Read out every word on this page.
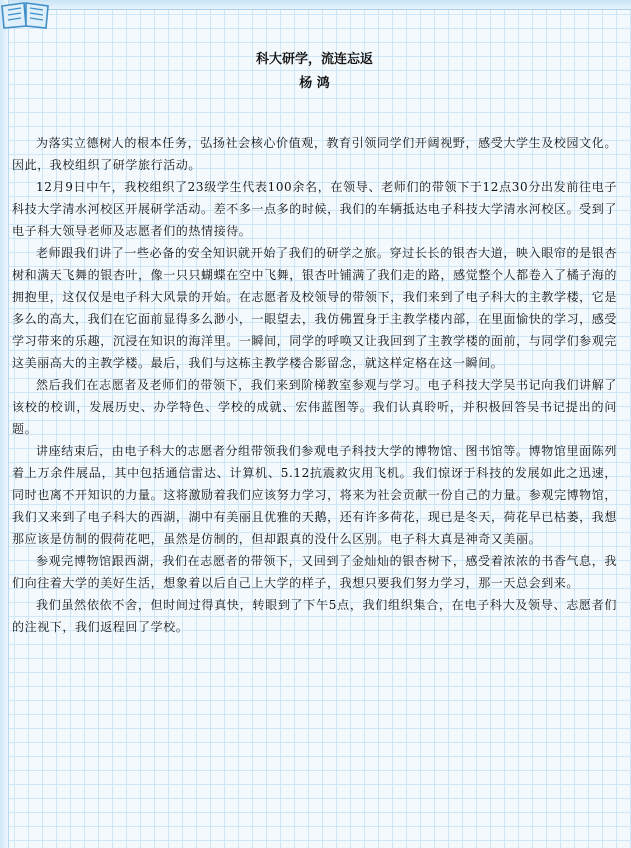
科大研学，流连忘返
杨 鸿

为落实立德树人的根本任务，弘扬社会核心价值观，教育引领同学们开阔视野，感受大学生及校园文化。因此，我校组织了研学旅行活动。

12月9日中午，我校组织了23级学生代表100余名，在领导、老师们的带领下于12点30分出发前往电子科技大学清水河校区开展研学活动。差不多一点多的时候，我们的车辆抵达电子科技大学清水河校区。受到了电子科大领导老师及志愿者们的热情接待。

老师跟我们讲了一些必备的安全知识就开始了我们的研学之旅。穿过长长的银杏大道，映入眼帘的是银杏树和满天飞舞的银杏叶，像一只只蝴蝶在空中飞舞，银杏叶铺满了我们走的路，感觉整个人都卷入了橘子海的拥抱里，这仅仅是电子科大风景的开始。在志愿者及校领导的带领下，我们来到了电子科大的主教学楼，它是多么的高大，我们在它面前显得多么渺小，一眼望去，我仿佛置身于主教学楼内部，在里面愉快的学习，感受学习带来的乐趣，沉浸在知识的海洋里。一瞬间，同学的呼唤又让我回到了主教学楼的面前，与同学们参观完这美丽高大的主教学楼。最后，我们与这栋主教学楼合影留念，就这样定格在这一瞬间。

然后我们在志愿者及老师们的带领下，我们来到阶梯教室参观与学习。电子科技大学吴书记向我们讲解了该校的校训，发展历史、办学特色、学校的成就、宏伟蓝图等。我们认真聆听，并积极回答吴书记提出的问题。

讲座结束后，由电子科大的志愿者分组带领我们参观电子科技大学的博物馆、图书馆等。博物馆里面陈列着上万余件展品，其中包括通信雷达、计算机、5.12抗震救灾用飞机。我们惊讶于科技的发展如此之迅速，同时也离不开知识的力量。这将激励着我们应该努力学习，将来为社会贡献一份自己的力量。参观完博物馆，我们又来到了电子科大的西湖，湖中有美丽且优雅的天鹅，还有许多荷花，现已是冬天，荷花早已枯萎，我想那应该是仿制的假荷花吧，虽然是仿制的，但却跟真的没什么区别。电子科大真是神奇又美丽。

参观完博物馆跟西湖，我们在志愿者的带领下，又回到了金灿灿的银杏树下，感受着浓浓的书香气息，我们向往着大学的美好生活，想象着以后自己上大学的样子，我想只要我们努力学习，那一天总会到来。

我们虽然依依不舍，但时间过得真快，转眼到了下午5点，我们组织集合，在电子科大及领导、志愿者们的注视下，我们返程回了学校。
